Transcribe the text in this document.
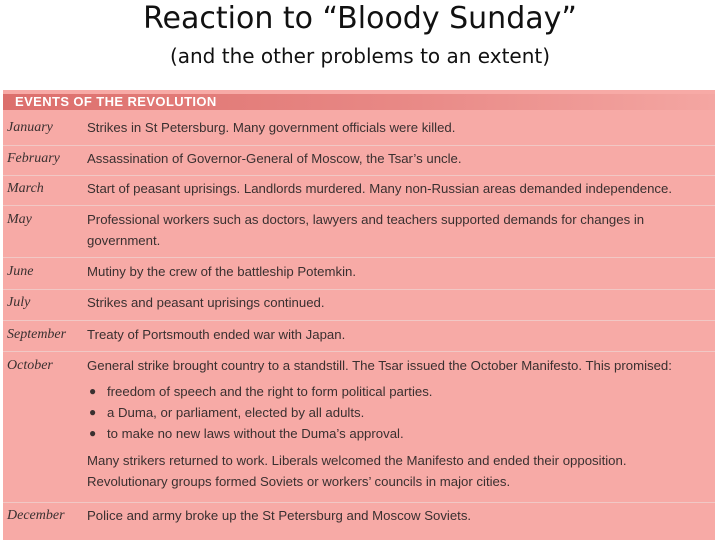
Reaction to “Bloody Sunday”
(and the other problems to an extent)
EVENTS OF THE REVOLUTION
January	Strikes in St Petersburg. Many government officials were killed.
February Assassination of Governor-General of Moscow, the Tsar’s uncle.
March	Start of peasant uprisings. Landlords murdered. Many non-Russian areas demanded independence.
May	Professional workers such as doctors, lawyers and teachers supported demands for changes in government.
June	Mutiny by the crew of the battleship Potemkin.
July	Strikes and peasant uprisings continued.
September Treaty of Portsmouth ended war with Japan.
October	General strike brought country to a standstill. The Tsar issued the October Manifesto. This promised:

● freedom of speech and the right to form political parties.
● a Duma, or parliament, elected by all adults.
● to make no new laws without the Duma’s approval.

Many strikers returned to work. Liberals welcomed the Manifesto and ended their opposition. Revolutionary groups formed Soviets or workers’ councils in major cities.

December Police and army broke up the St Petersburg and Moscow Soviets.
